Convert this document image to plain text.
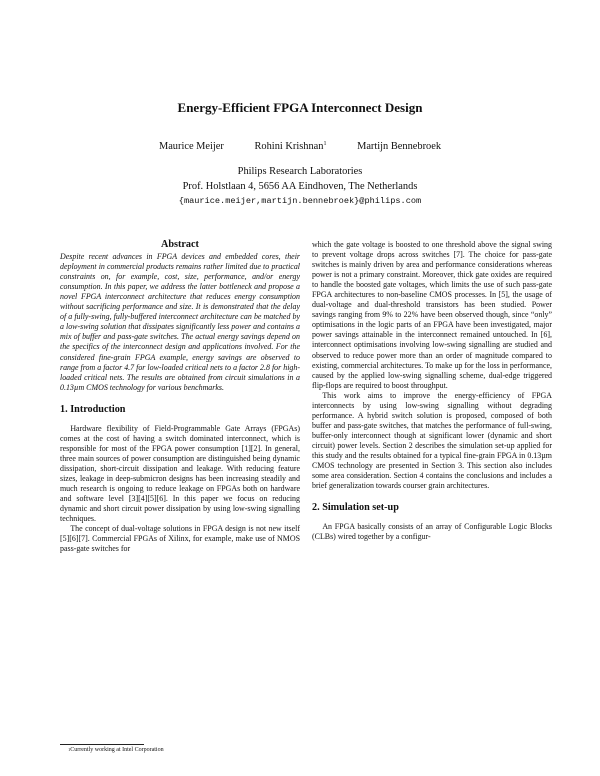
Energy-Efficient FPGA Interconnect Design
Maurice Meijer	Rohini Krishnan$^1$	Martijn Bennebroek
Philips Research Laboratories
Prof. Holstlaan 4, 5656 AA Eindhoven, The Netherlands
{maurice.meijer,martijn.bennebroek}@philips.com
Abstract

Despite recent advances in FPGA devices and embedded cores, their deployment in commercial products remains rather limited due to practical constraints on, for example, cost, size, performance, and/or energy consumption. In this paper, we address the latter bottleneck and propose a novel FPGA interconnect architecture that reduces energy consumption without sacrificing performance and size. It is demonstrated that the delay of a fully-swing, fully-buffered interconnect architecture can be matched by a low-swing solution that dissipates significantly less power and contains a mix of buffer and pass-gate switches. The actual energy savings depend on the specifics of the interconnect design and applications involved. For the considered fine-grain FPGA example, energy savings are observed to range from a factor 4.7 for low-loaded critical nets to a factor 2.8 for high-loaded critical nets. The results are obtained from circuit simulations in a 0.13µm CMOS technology for various benchmarks.

1. Introduction

Hardware flexibility of Field-Programmable Gate Arrays (FPGAs) comes at the cost of having a switch dominated interconnect, which is responsible for most of the FPGA power consumption [1][2]. In general, three main sources of power consumption are distinguished being dynamic dissipation, short-circuit dissipation and leakage. With reducing feature sizes, leakage in deep-submicron designs has been increasing steadily and much research is ongoing to reduce leakage on FPGAs both on hardware and software level [3][4][5][6]. In this paper we focus on reducing dynamic and short circuit power dissipation by using low-swing signalling techniques.

The concept of dual-voltage solutions in FPGA design is not new itself [5][6][7]. Commercial FPGAs of Xilinx, for example, make use of NMOS pass-gate switches for

which the gate voltage is boosted to one threshold above the signal swing to prevent voltage drops across switches [7]. The choice for pass-gate switches is mainly driven by area and performance considerations whereas power is not a primary constraint. Moreover, thick gate oxides are required to handle the boosted gate voltages, which limits the use of such pass-gate FPGA architectures to non-baseline CMOS processes. In [5], the usage of dual-voltage and dual-threshold transistors has been studied. Power savings ranging from 9% to 22% have been observed though, since “only” optimisations in the logic parts of an FPGA have been investigated, major power savings attainable in the interconnect remained untouched. In [6], interconnect optimisations involving low-swing signalling are studied and observed to reduce power more than an order of magnitude compared to existing, commercial architectures. To make up for the loss in performance, caused by the applied low-swing signalling scheme, dual-edge triggered flip-flops are required to boost throughput.

This work aims to improve the energy-efficiency of FPGA interconnects by using low-swing signalling without degrading performance. A hybrid switch solution is proposed, composed of both buffer and pass-gate switches, that matches the performance of full-swing, buffer-only interconnect though at significant lower (dynamic and short circuit) power levels. Section 2 describes the simulation set-up applied for this study and the results obtained for a typical fine-grain FPGA in 0.13µm CMOS technology are presented in Section 3. This section also includes some area consideration. Section 4 contains the conclusions and includes a brief generalization towards courser grain architectures.

2. Simulation set-up

An FPGA basically consists of an array of Configurable Logic Blocks (CLBs) wired together by a configur-

$^1$Currently working at Intel Corporation
